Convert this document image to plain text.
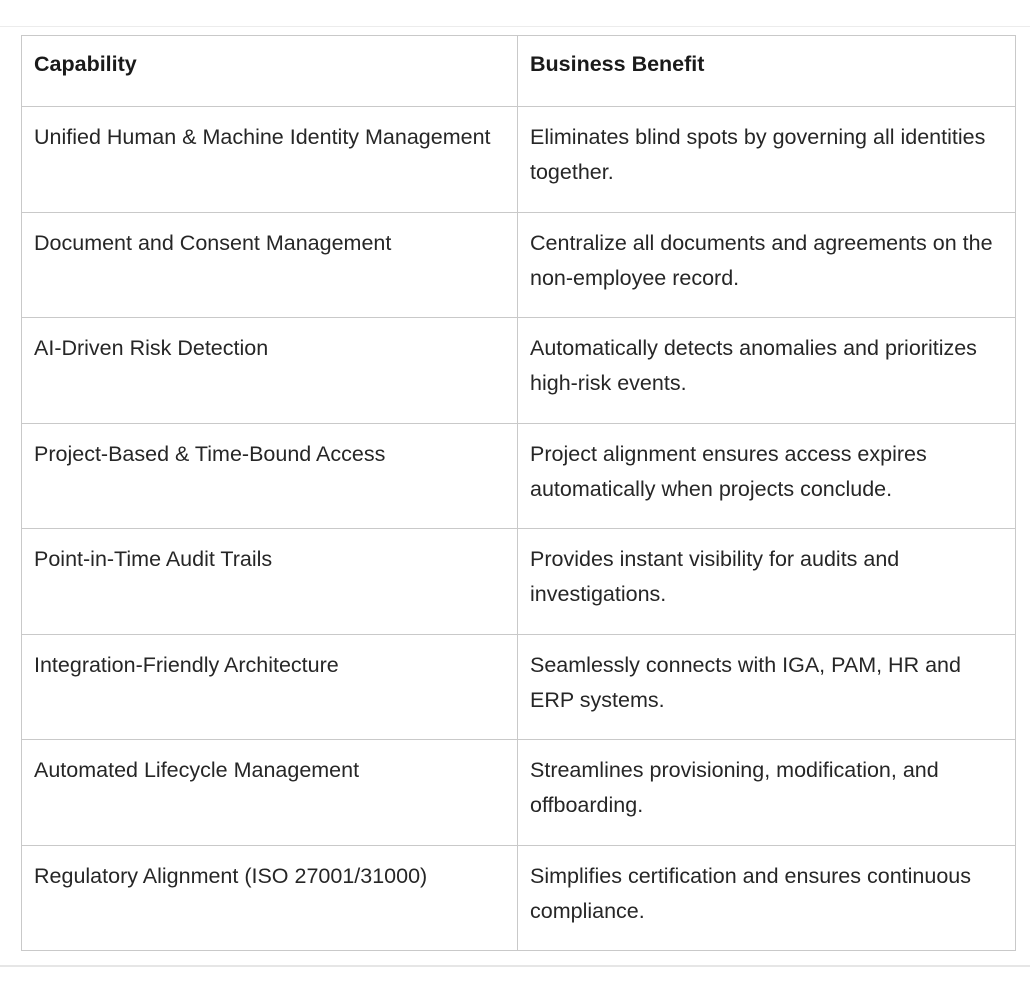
Capability	Business Benefit
Unified Human & Machine Identity Management	Eliminates blind spots by governing all identities together.
Document and Consent Management	Centralize all documents and agreements on the non-employee record.
AI-Driven Risk Detection	Automatically detects anomalies and prioritizes high-risk events.
Project-Based & Time-Bound Access	Project alignment ensures access expires automatically when projects conclude.
Point-in-Time Audit Trails	Provides instant visibility for audits and investigations.
Integration-Friendly Architecture	Seamlessly connects with IGA, PAM, HR and ERP systems.
Automated Lifecycle Management	Streamlines provisioning, modification, and offboarding.
Regulatory Alignment (ISO 27001/31000)	Simplifies certification and ensures continuous compliance.
